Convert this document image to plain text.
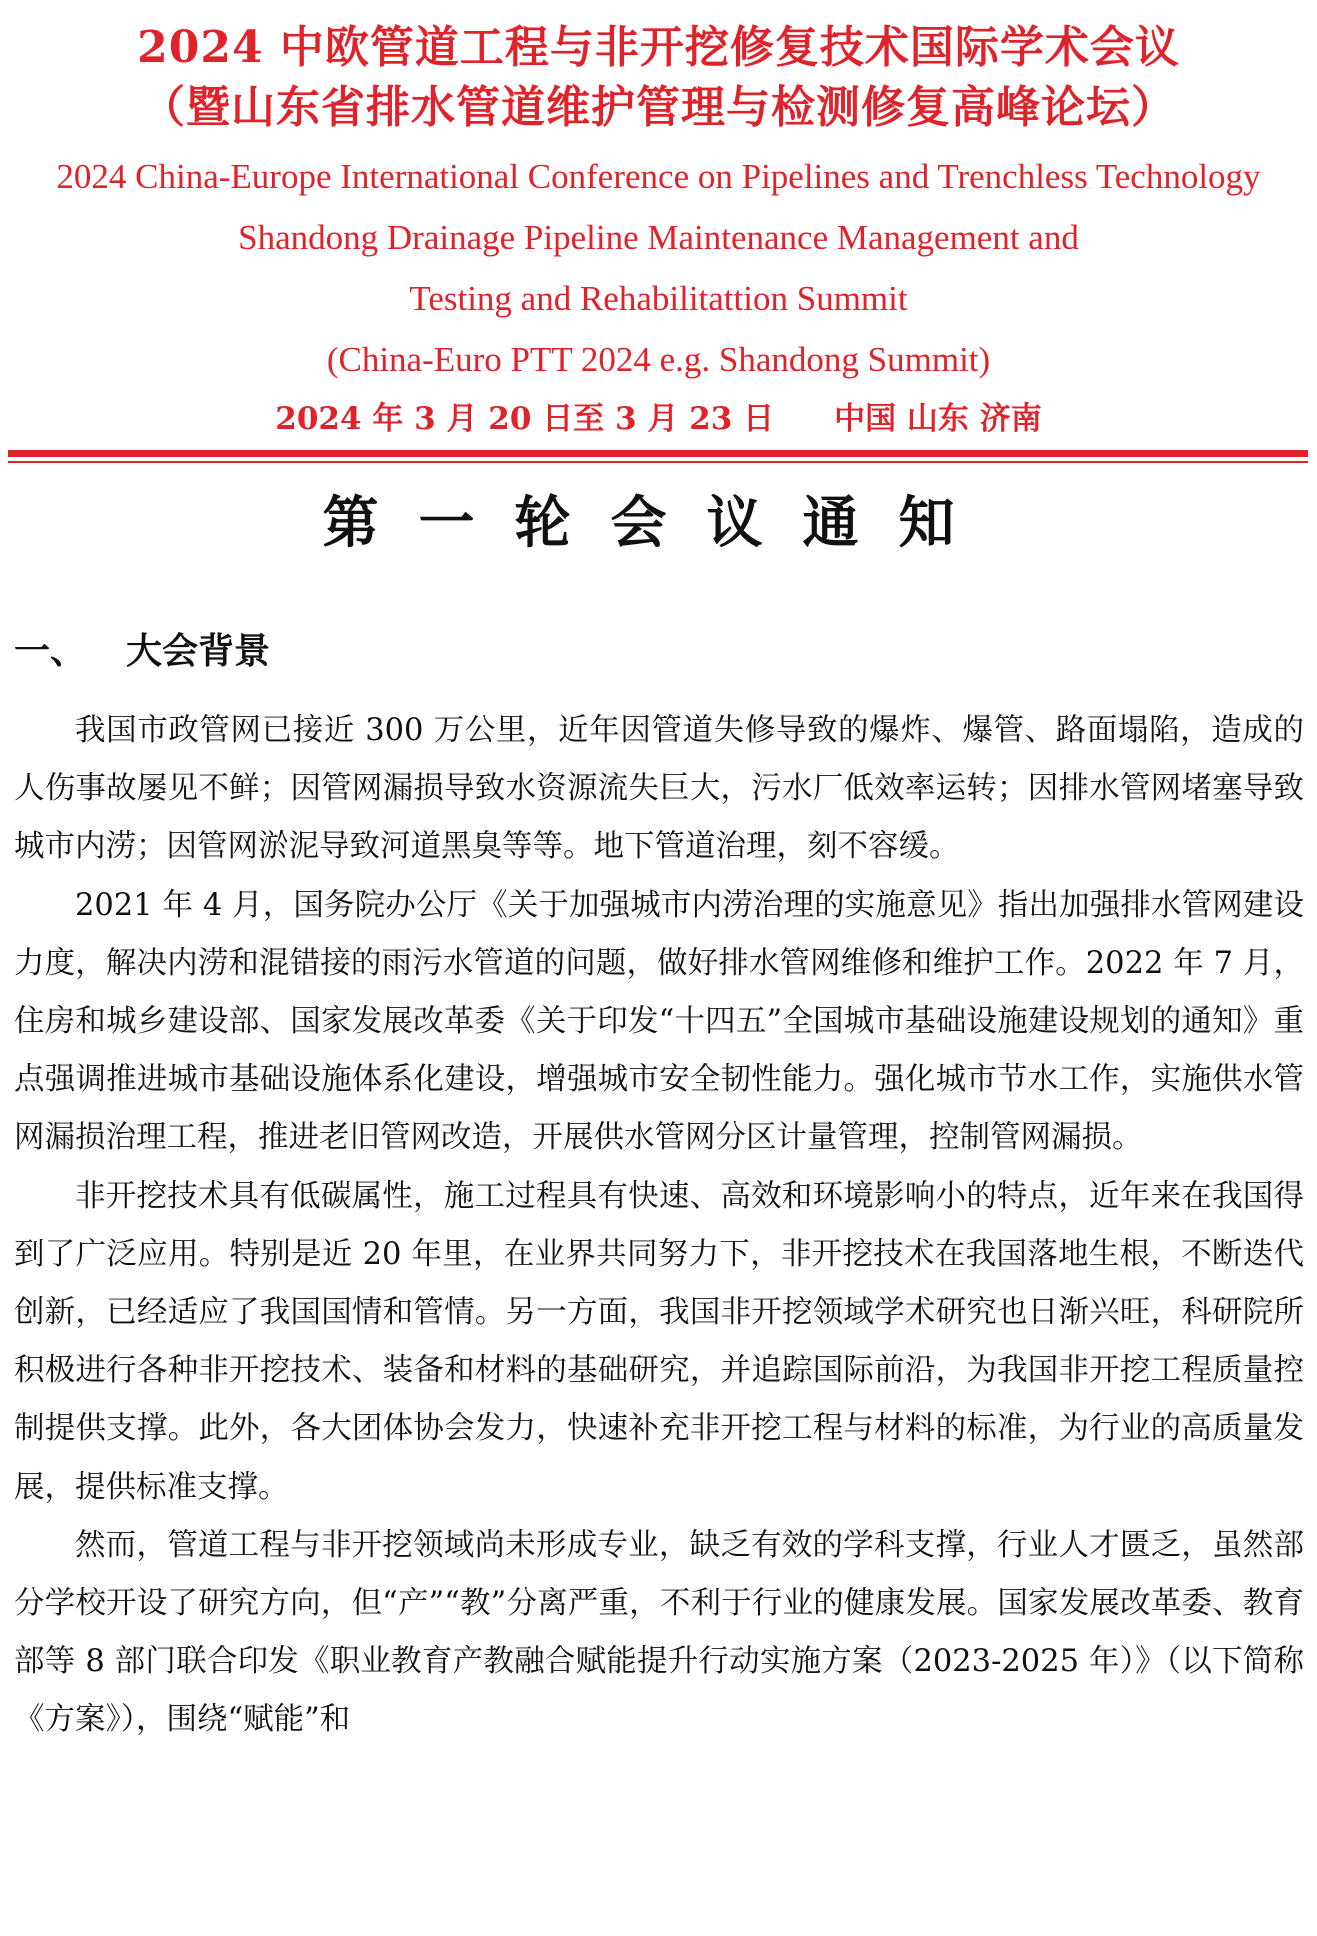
2024 中欧管道工程与非开挖修复技术国际学术会议
（暨山东省排水管道维护管理与检测修复高峰论坛）
2024 China-Europe International Conference on Pipelines and Trenchless Technology
Shandong Drainage Pipeline Maintenance Management and
Testing and Rehabilitattion Summit
(China-Euro PTT 2024 e.g. Shandong Summit)
2024 年 3 月 20 日至 3 月 23 日 中国 山东 济南
第一轮会议通知
一、 大会背景

我国市政管网已接近 300 万公里，近年因管道失修导致的爆炸、爆管、路面塌陷，造成的人伤事故屡见不鲜；因管网漏损导致水资源流失巨大，污水厂低效率运转；因排水管网堵塞导致城市内涝；因管网淤泥导致河道黑臭等等。地下管道治理，刻不容缓。

2021 年 4 月，国务院办公厅《关于加强城市内涝治理的实施意见》指出加强排水管网建设力度，解决内涝和混错接的雨污水管道的问题，做好排水管网维修和维护工作。2022 年 7 月，住房和城乡建设部、国家发展改革委《关于印发“十四五”全国城市基础设施建设规划的通知》重点强调推进城市基础设施体系化建设，增强城市安全韧性能力。强化城市节水工作，实施供水管网漏损治理工程，推进老旧管网改造，开展供水管网分区计量管理，控制管网漏损。

非开挖技术具有低碳属性，施工过程具有快速、高效和环境影响小的特点，近年来在我国得到了广泛应用。特别是近 20 年里，在业界共同努力下，非开挖技术在我国落地生根，不断迭代创新，已经适应了我国国情和管情。另一方面，我国非开挖领域学术研究也日渐兴旺，科研院所积极进行各种非开挖技术、装备和材料的基础研究，并追踪国际前沿，为我国非开挖工程质量控制提供支撑。此外，各大团体协会发力，快速补充非开挖工程与材料的标准，为行业的高质量发展，提供标准支撑。

然而，管道工程与非开挖领域尚未形成专业，缺乏有效的学科支撑，行业人才匮乏，虽然部分学校开设了研究方向，但“产”“教”分离严重，不利于行业的健康发展。国家发展改革委、教育部等 8 部门联合印发《职业教育产教融合赋能提升行动实施方案（2023-2025 年）》（以下简称《方案》），围绕“赋能”和
